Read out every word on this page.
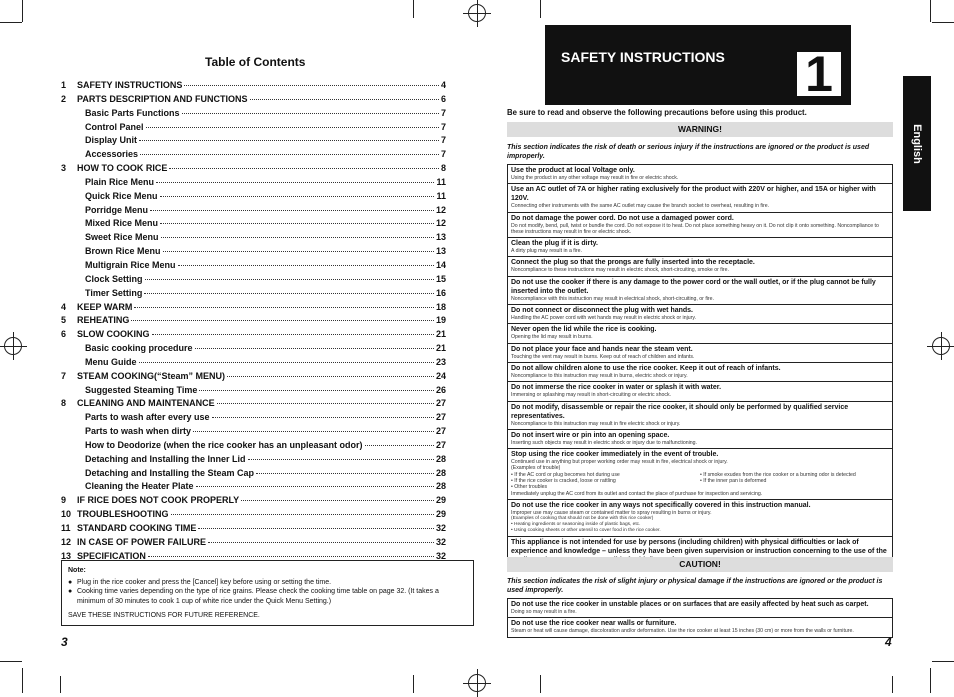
Table of Contents
1	SAFETY INSTRUCTIONS	4
2	PARTS DESCRIPTION AND FUNCTIONS	6
Basic Parts Functions	7
Control Panel	7
Display Unit	7
Accessories	7
3	HOW TO COOK RICE	8
Plain Rice Menu	11
Quick Rice Menu	11
Porridge Menu	12
Mixed Rice Menu	12
Sweet Rice Menu	13
Brown Rice Menu	13
Multigrain Rice Menu	14
Clock Setting	15
Timer Setting	16
4	KEEP WARM	18
5	REHEATING	19
6	SLOW COOKING	21
Basic cooking procedure	21
Menu Guide	23
7	STEAM COOKING(“Steam” MENU)	24
Suggested Steaming Time	26
8	CLEANING AND MAINTENANCE	27
Parts to wash after every use	27
Parts to wash when dirty	27
How to Deodorize (when the rice cooker has an unpleasant odor)	27
Detaching and Installing the Inner Lid	28
Detaching and Installing the Steam Cap	28
Cleaning the Heater Plate	28
9	IF RICE DOES NOT COOK PROPERLY	29
10 TROUBLESHOOTING	29
11 STANDARD COOKING TIME	32
12 IN CASE OF POWER FAILURE	32
13 SPECIFICATION	32
Note:
● Plug in the rice cooker and press the [Cancel] key before using or setting the time.
● Cooking time varies depending on the type of rice grains. Please check the cooking time table on page 32. (It takes a minimum of 30 minutes to cook 1 cup of white rice under the Quick Menu Setting.)
SAVE THESE INSTRUCTIONS FOR FUTURE REFERENCE.
3
SAFETY INSTRUCTIONS 1
English
Be sure to read and observe the following precautions before using this product.
WARNING!
This section indicates the risk of death or serious injury if the instructions are ignored or the product is used improperly.
Use the product at local Voltage only.
Using the product in any other voltage may result in fire or electric shock.
Use an AC outlet of 7A or higher rating exclusively for the product with 220V or higher, and 15A or higher with 120V.
Connecting other instruments with the same AC outlet may cause the branch socket to overheat, resulting in fire.
Do not damage the power cord. Do not use a damaged power cord.
Do not modify, bend, pull, twist or bundle the cord. Do not expose it to heat. Do not place something heavy on it. Do not clip it onto something. Noncompliance to these instructions may result in fire or electric shock.
Clean the plug if it is dirty.
A dirty plug may result in a fire.
Connect the plug so that the prongs are fully inserted into the receptacle.
Noncompliance to these instructions may result in electric shock, short-circuiting, smoke or fire.
Do not use the cooker if there is any damage to the power cord or the wall outlet, or if the plug cannot be fully inserted into the outlet.
Noncompliance with this instruction may result in electrical shock, short-circuiting, or fire.
Do not connect or disconnect the plug with wet hands.
Handling the AC power cord with wet hands may result in electric shock or injury.
Never open the lid while the rice is cooking.
Opening the lid may result in burns.
Do not place your face and hands near the steam vent.
Touching the vent may result in burns. Keep out of reach of children and infants.
Do not allow children alone to use the rice cooker. Keep it out of reach of infants.
Noncompliance to this instruction may result in burns, electric shock or injury.
Do not immerse the rice cooker in water or splash it with water.
Immersing or splashing may result in short-circuiting or electric shock.
Do not modify, disassemble or repair the rice cooker, it should only be performed by qualified service representatives.
Noncompliance to this instruction may result in fire electric shock or injury.
Do not insert wire or pin into an opening space.
Inserting such objects may result in electric shock or injury due to malfunctioning.
Stop using the rice cooker immediately in the event of trouble.
Continued use in anything but proper working order may result in fire, electrical shock or injury.
(Examples of trouble)
• If the AC cord or plug becomes hot during use
• If the rice cooker is cracked, loose or rattling
• Other troubles
• If smoke exudes from the rice cooker or a burning odor is detected
• If the inner pan is deformed
Immediately unplug the AC cord from its outlet and contact the place of purchase for inspection and servicing.
Do not use the rice cooker in any ways not specifically covered in this instruction manual.
Improper use may cause steam or contained matter to spray resulting in burns or injury.
(Examples of cooking that should not be done with this rice cooker)
• Heating ingredients or seasoning inside of plastic bags, etc.
• Using cooking sheets or other utensil to cover food in the rice cooker.
This appliance is not intended for use by persons (including children) with physical difficulties or lack of experience and knowledge – unless they have been given supervision or instruction concerning to the use of the
CAUTION!
This section indicates the risk of slight injury or physical damage if the instructions are ignored or the product is used improperly.
Do not use the rice cooker in unstable places or on surfaces that are easily affected by heat such as carpet.
Doing so may result in a fire.
Do not use the rice cooker near walls or furniture.
Steam or heat will cause damage, discoloration and/or deformation. Use the rice cooker at least 15 inches (30 cm) or more from the walls or furniture.
4
